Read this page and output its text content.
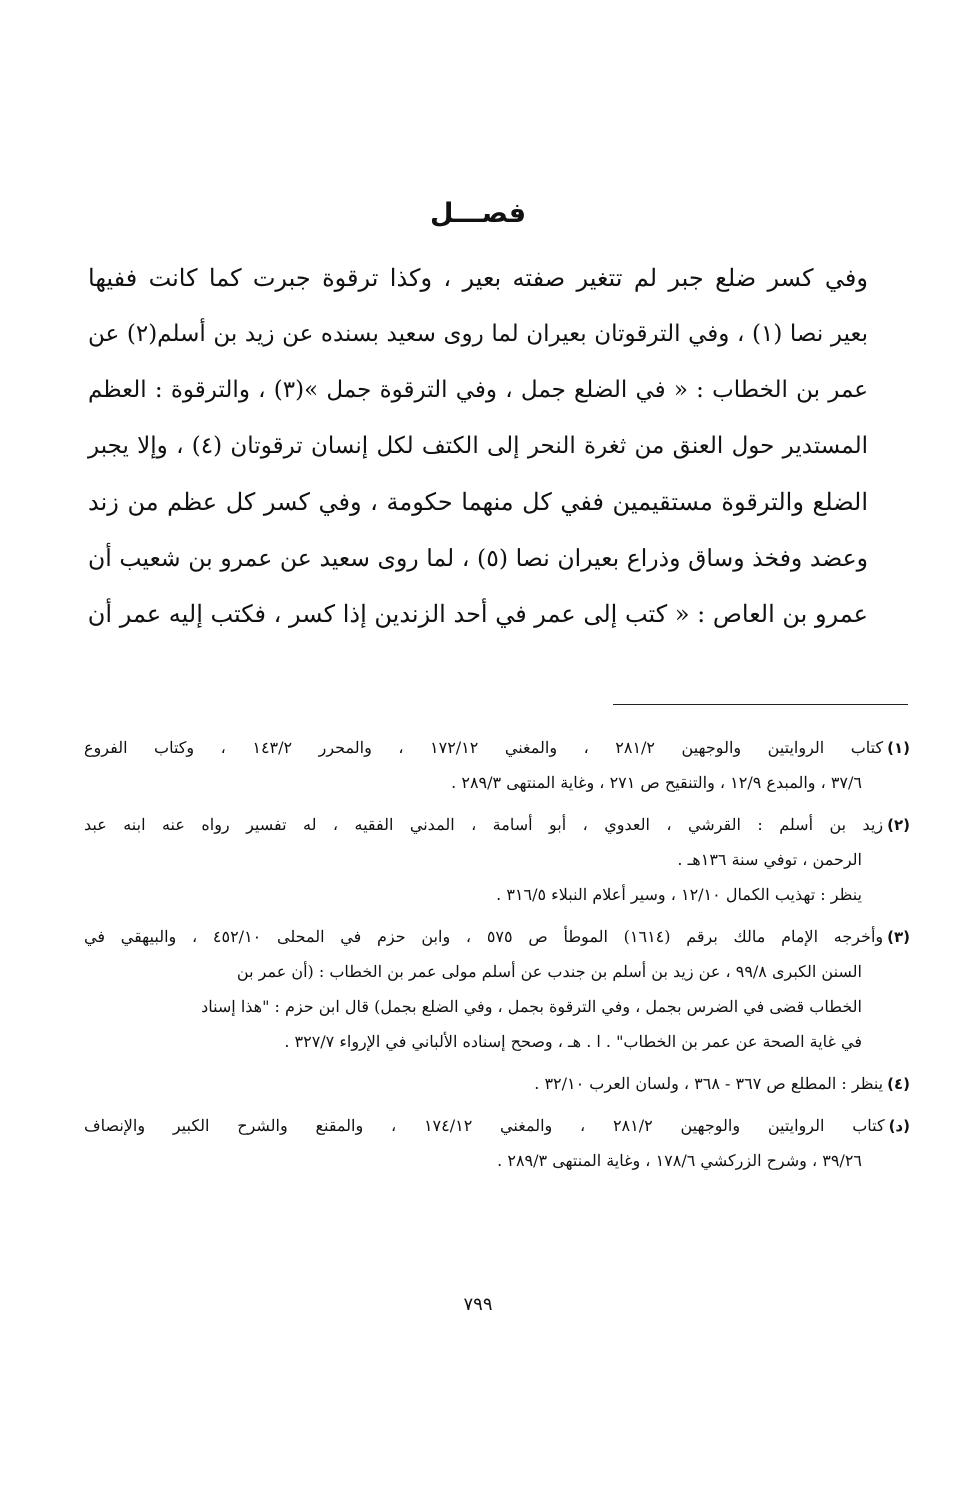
فصـــل
وفي كسر ضلع جبر لم تتغير صفته بعير ، وكذا ترقوة جبرت كما كانت ففيها
بعير نصا (١) ، وفي الترقوتان بعيران لما روى سعيد بسنده عن زيد بن أسلم(٢) عن
عمر بن الخطاب : « في الضلع جمل ، وفي الترقوة جمل »(٣) ، والترقوة : العظم
المستدير حول العنق من ثغرة النحر إلى الكتف لكل إنسان ترقوتان (٤) ، وإلا يجبر
الضلع والترقوة مستقيمين ففي كل منهما حكومة ، وفي كسر كل عظم من زند
وعضد وفخذ وساق وذراع بعيران نصا (٥) ، لما روى سعيد عن عمرو بن شعيب أن
عمرو بن العاص : « كتب إلى عمر في أحد الزندين إذا كسر ، فكتب إليه عمر أن
(١)كتاب الروايتين والوجهين ٢٨١/٢ ، والمغني ١٧٢/١٢ ، والمحرر ١٤٣/٢ ، وكتاب الفروع
٣٧/٦ ، والمبدع ١٢/٩ ، والتنقيح ص ٢٧١ ، وغاية المنتهى ٢٨٩/٣ .
(٢)زيد بن أسلم : القرشي ، العدوي ، أبو أسامة ، المدني الفقيه ، له تفسير رواه عنه ابنه عبد
الرحمن ، توفي سنة ١٣٦هـ .
ينظر : تهذيب الكمال ١٢/١٠ ، وسير أعلام النبلاء ٣١٦/٥ .
(٣)وأخرجه الإمام مالك برقم (١٦١٤) الموطأ ص ٥٧٥ ، وابن حزم في المحلى ٤٥٢/١٠ ، والبيهقي في
السنن الكبرى ٩٩/٨ ، عن زيد بن أسلم بن جندب عن أسلم مولى عمر بن الخطاب : (أن عمر بن
الخطاب قضى في الضرس بجمل ، وفي الترقوة بجمل ، وفي الضلع بجمل) قال ابن حزم : "هذا إسناد
في غاية الصحة عن عمر بن الخطاب" . ا . هـ ، وصحح إسناده الألباني في الإرواء ٣٢٧/٧ .
(٤)ينظر : المطلع ص ٣٦٧ - ٣٦٨ ، ولسان العرب ٣٢/١٠ .
(د)كتاب الروايتين والوجهين ٢٨١/٢ ، والمغني ١٧٤/١٢ ، والمقنع والشرح الكبير والإنصاف
٣٩/٢٦ ، وشرح الزركشي ١٧٨/٦ ، وغاية المنتهى ٢٨٩/٣ .
٧٩٩
